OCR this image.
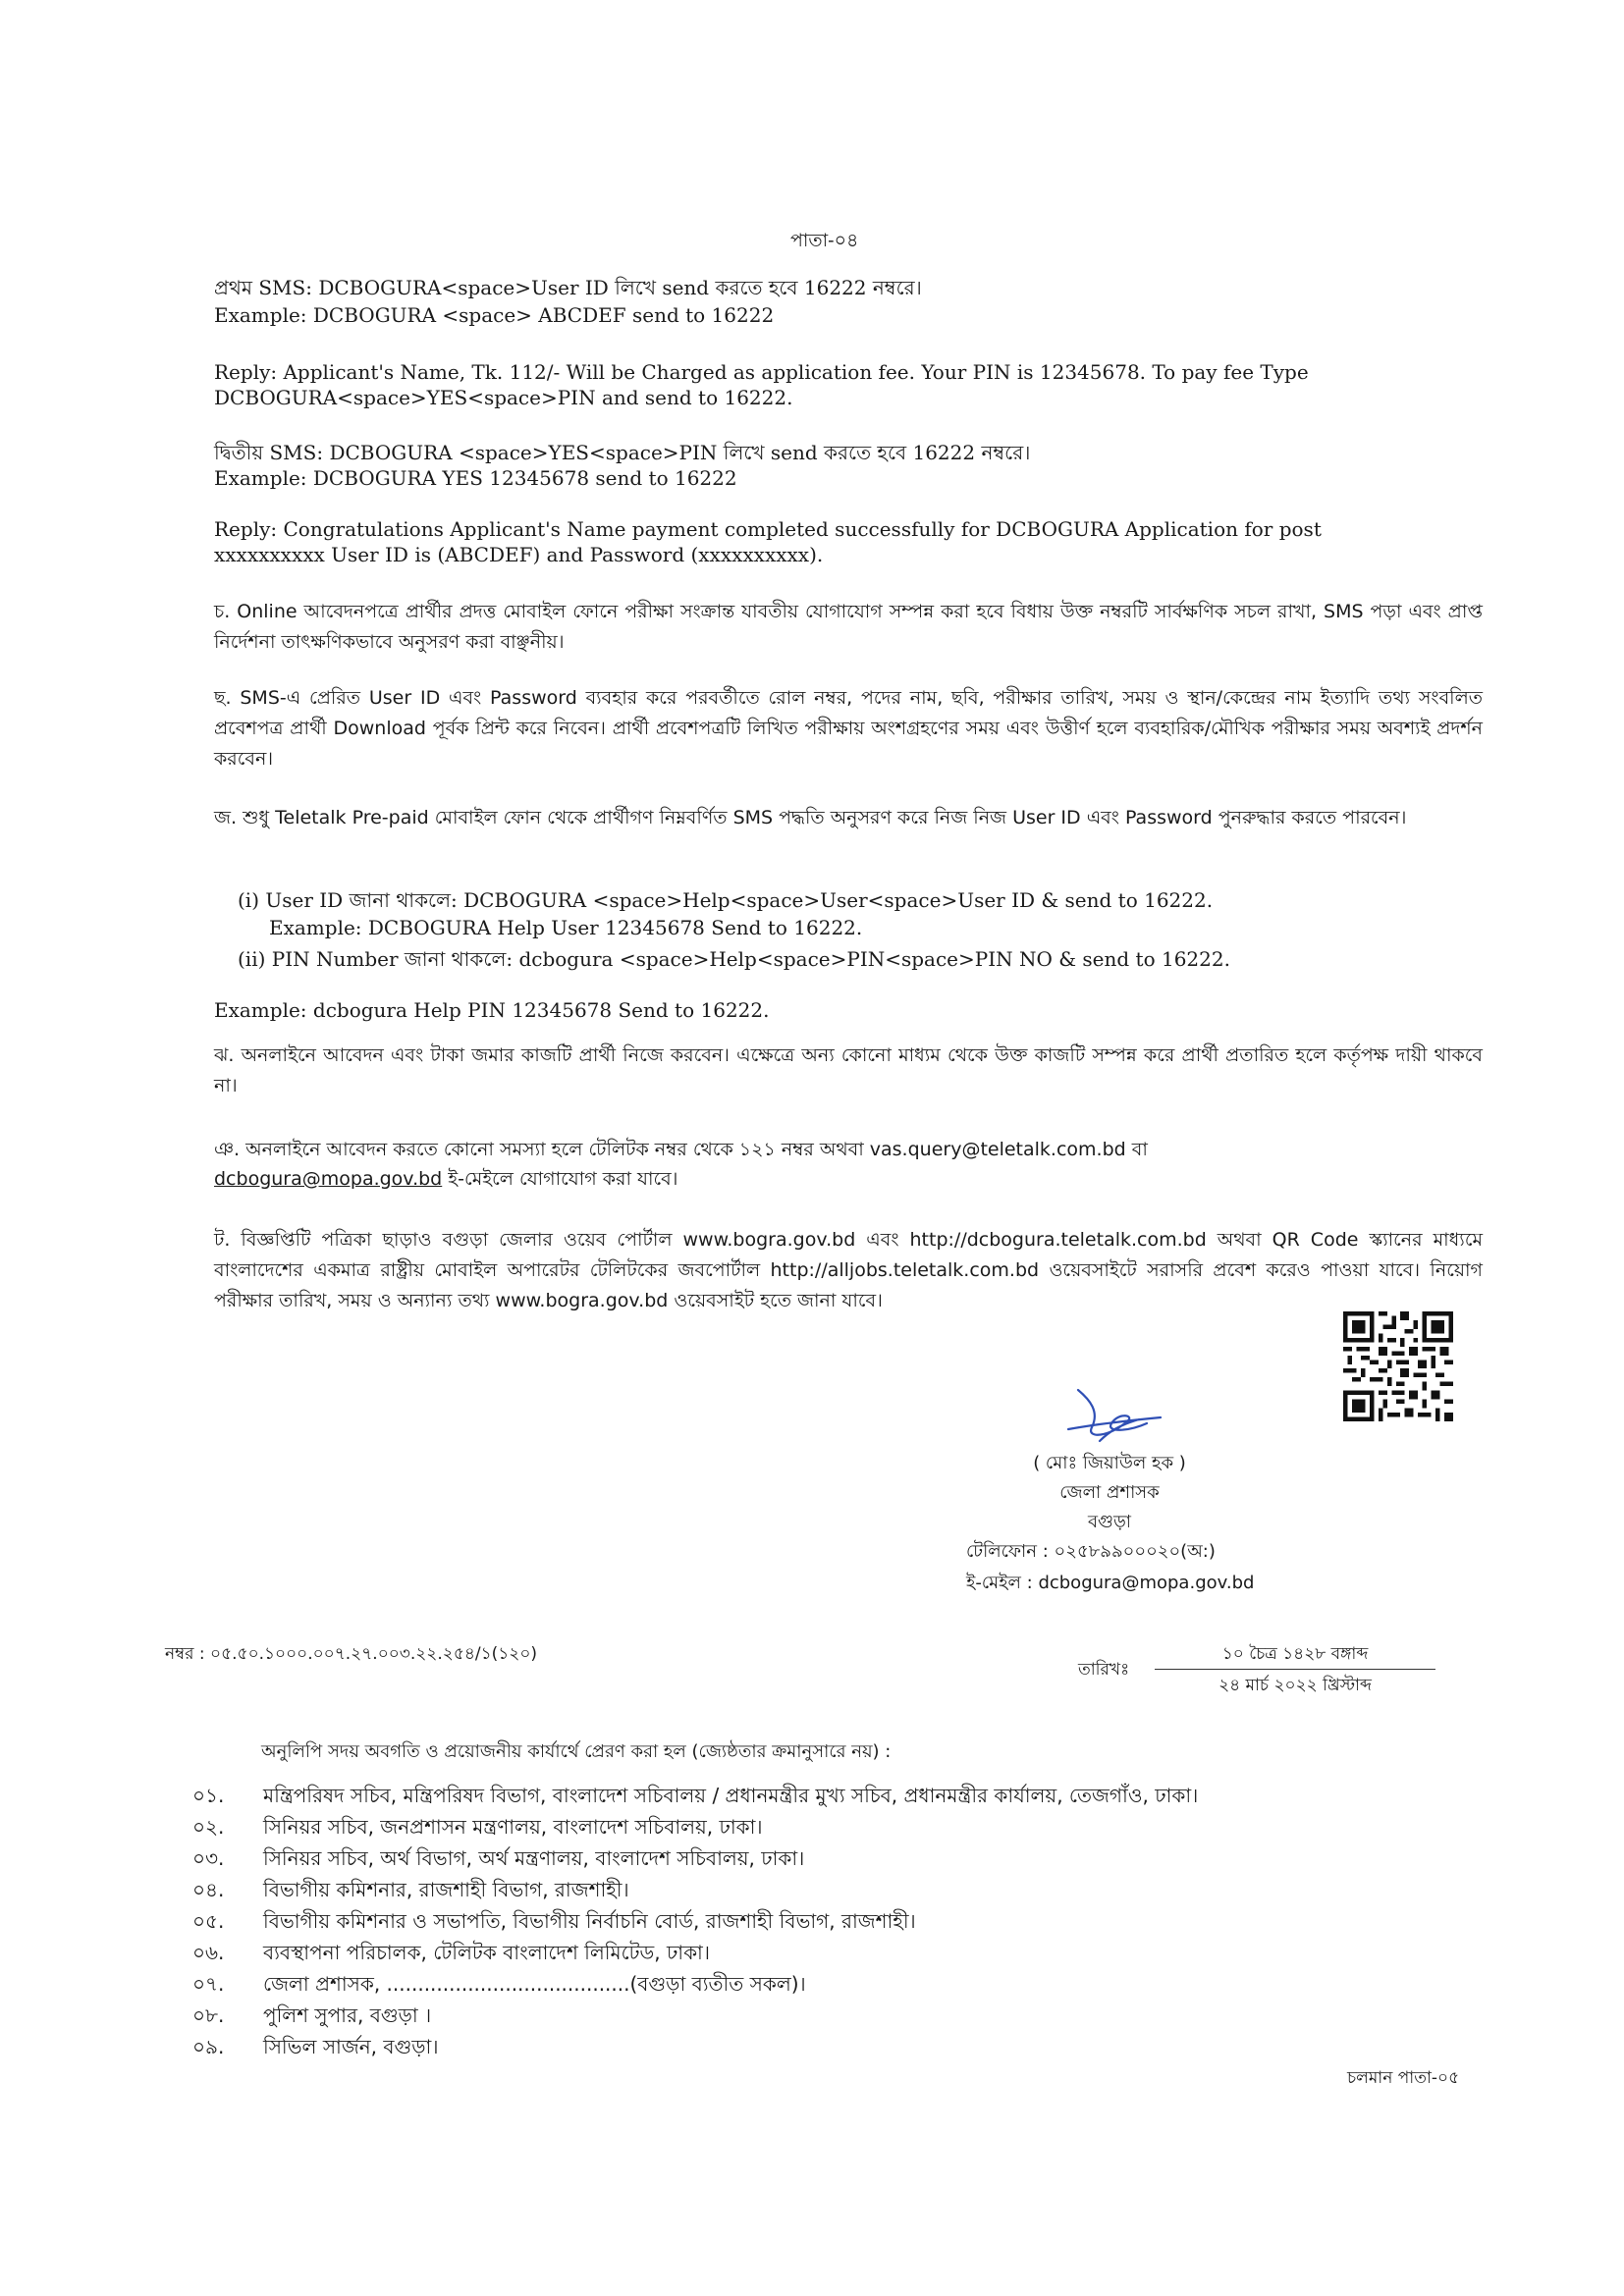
পাতা-০৪
প্রথম SMS: DCBOGURA<space>User ID লিখে send করতে হবে 16222 নম্বরে।
Example: DCBOGURA <space> ABCDEF send to 16222
Reply: Applicant's Name, Tk. 112/- Will be Charged as application fee. Your PIN is 12345678. To pay fee Type
DCBOGURA<space>YES<space>PIN and send to 16222.
দ্বিতীয় SMS: DCBOGURA <space>YES<space>PIN লিখে send করতে হবে 16222 নম্বরে।
Example: DCBOGURA YES 12345678 send to 16222
Reply: Congratulations Applicant's Name payment completed successfully for DCBOGURA Application for post
xxxxxxxxxx User ID is (ABCDEF) and Password (xxxxxxxxxx).

চ. Online আবেদনপত্রে প্রার্থীর প্রদত্ত মোবাইল ফোনে পরীক্ষা সংক্রান্ত যাবতীয় যোগাযোগ সম্পন্ন করা হবে বিধায় উক্ত নম্বরটি সার্বক্ষণিক সচল রাখা, SMS পড়া এবং প্রাপ্ত নির্দেশনা তাৎক্ষণিকভাবে অনুসরণ করা বাঞ্ছনীয়।

ছ. SMS-এ প্রেরিত User ID এবং Password ব্যবহার করে পরবর্তীতে রোল নম্বর, পদের নাম, ছবি, পরীক্ষার তারিখ, সময় ও স্থান/কেন্দ্রের নাম ইত্যাদি তথ্য সংবলিত প্রবেশপত্র প্রার্থী Download পূর্বক প্রিন্ট করে নিবেন। প্রার্থী প্রবেশপত্রটি লিখিত পরীক্ষায় অংশগ্রহণের সময় এবং উত্তীর্ণ হলে ব্যবহারিক/মৌখিক পরীক্ষার সময় অবশ্যই প্রদর্শন করবেন।

জ. শুধু Teletalk Pre-paid মোবাইল ফোন থেকে প্রার্থীগণ নিম্নবর্ণিত SMS পদ্ধতি অনুসরণ করে নিজ নিজ User ID এবং Password পুনরুদ্ধার করতে পারবেন।

(i) User ID জানা থাকলে: DCBOGURA <space>Help<space>User<space>User ID & send to 16222.
Example: DCBOGURA Help User 12345678 Send to 16222.
(ii) PIN Number জানা থাকলে: dcbogura <space>Help<space>PIN<space>PIN NO & send to 16222.
Example: dcbogura Help PIN 12345678 Send to 16222.

ঝ. অনলাইনে আবেদন এবং টাকা জমার কাজটি প্রার্থী নিজে করবেন। এক্ষেত্রে অন্য কোনো মাধ্যম থেকে উক্ত কাজটি সম্পন্ন করে প্রার্থী প্রতারিত হলে কর্তৃপক্ষ দায়ী থাকবে না।

ঞ. অনলাইনে আবেদন করতে কোনো সমস্যা হলে টেলিটক নম্বর থেকে ১২১ নম্বর অথবা vas.query@teletalk.com.bd বা
dcbogura@mopa.gov.bd ই-মেইলে যোগাযোগ করা যাবে।

ট. বিজ্ঞপ্তিটি পত্রিকা ছাড়াও বগুড়া জেলার ওয়েব পোর্টাল www.bogra.gov.bd এবং http://dcbogura.teletalk.com.bd অথবা QR Code স্ক্যানের মাধ্যমে বাংলাদেশের একমাত্র রাষ্ট্রীয় মোবাইল অপারেটর টেলিটকের জবপোর্টাল http://alljobs.teletalk.com.bd ওয়েবসাইটে সরাসরি প্রবেশ করেও পাওয়া যাবে। নিয়োগ পরীক্ষার তারিখ, সময় ও অন্যান্য তথ্য www.bogra.gov.bd ওয়েবসাইট হতে জানা যাবে।

( মোঃ জিয়াউল হক )
জেলা প্রশাসক
বগুড়া
টেলিফোন : ০২৫৮৯৯০০০২০(অ:)
ই-মেইল : dcbogura@mopa.gov.bd
নম্বর : ০৫.৫০.১০০০.০০৭.২৭.০০৩.২২.২৫৪/১(১২০)
তারিখঃ
১০ চৈত্র ১৪২৮ বঙ্গাব্দ
২৪ মার্চ ২০২২ খ্রিস্টাব্দ
অনুলিপি সদয় অবগতি ও প্রয়োজনীয় কার্যার্থে প্রেরণ করা হল (জ্যেষ্ঠতার ক্রমানুসারে নয়) :
০১.	মন্ত্রিপরিষদ সচিব, মন্ত্রিপরিষদ বিভাগ, বাংলাদেশ সচিবালয় / প্রধানমন্ত্রীর মুখ্য সচিব, প্রধানমন্ত্রীর কার্যালয়, তেজগাঁও, ঢাকা।
০২.	সিনিয়র সচিব, জনপ্রশাসন মন্ত্রণালয়, বাংলাদেশ সচিবালয়, ঢাকা।
০৩.	সিনিয়র সচিব, অর্থ বিভাগ, অর্থ মন্ত্রণালয়, বাংলাদেশ সচিবালয়, ঢাকা।
০৪.	বিভাগীয় কমিশনার, রাজশাহী বিভাগ, রাজশাহী।
০৫.	বিভাগীয় কমিশনার ও সভাপতি, বিভাগীয় নির্বাচনি বোর্ড, রাজশাহী বিভাগ, রাজশাহী।
০৬.	ব্যবস্থাপনা পরিচালক, টেলিটক বাংলাদেশ লিমিটেড, ঢাকা।
০৭.	জেলা প্রশাসক, .......................................(বগুড়া ব্যতীত সকল)।
০৮.	পুলিশ সুপার, বগুড়া ।
০৯.	সিভিল সার্জন, বগুড়া।
চলমান পাতা-০৫
